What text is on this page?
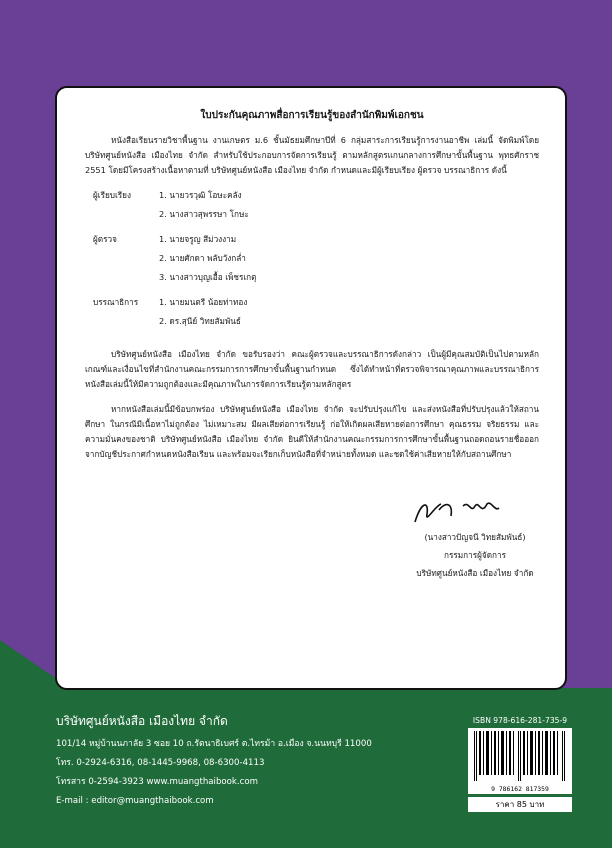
ใบประกันคุณภาพสื่อการเรียนรู้ของสำนักพิมพ์เอกชน

หนังสือเรียนรายวิชาพื้นฐาน งานเกษตร ม.6 ชั้นมัธยมศึกษาปีที่ 6 กลุ่มสาระการเรียนรู้การงานอาชีพ เล่มนี้ จัดพิมพ์โดย บริษัทศูนย์หนังสือ เมืองไทย จำกัด สำหรับใช้ประกอบการจัดการเรียนรู้ ตามหลักสูตรแกนกลางการศึกษาขั้นพื้นฐาน พุทธศักราช 2551 โดยมีโครงสร้างเนื้อหาตามที่ บริษัทศูนย์หนังสือ เมืองไทย จำกัด กำหนดและมีผู้เรียบเรียง ผู้ตรวจ บรรณาธิการ ดังนี้

ผู้เรียบเรียง	1. นายวรวุฒิ โอษะคลัง
2. นางสาวสุพรรษา โกษะ
ผู้ตรวจ	1. นายจรูญ สีม่วงงาม
2. นายศักดา พลับวังกล่ำ
3. นางสาวบุญเอื้อ เพ็ชรเกตุ
บรรณาธิการ	1. นายมนตรี น้อยท่าทอง
2. ดร.สุนีย์ วิทยสัมพันธ์

บริษัทศูนย์หนังสือ เมืองไทย จำกัด ขอรับรองว่า คณะผู้ตรวจและบรรณาธิการดังกล่าว เป็นผู้มีคุณสมบัติเป็นไปตามหลักเกณฑ์และเงื่อนไขที่สำนักงานคณะกรรมการการศึกษาขั้นพื้นฐานกำหนด ซึ่งได้ทำหน้าที่ตรวจพิจารณาคุณภาพและบรรณาธิการหนังสือเล่มนี้ให้มีความถูกต้องและมีคุณภาพในการจัดการเรียนรู้ตามหลักสูตร

หากหนังสือเล่มนี้มีข้อบกพร่อง บริษัทศูนย์หนังสือ เมืองไทย จำกัด จะปรับปรุงแก้ไข และส่งหนังสือที่ปรับปรุงแล้วให้สถานศึกษา ในกรณีมีเนื้อหาไม่ถูกต้อง ไม่เหมาะสม มีผลเสียต่อการเรียนรู้ ก่อให้เกิดผลเสียหายต่อการศึกษา คุณธรรม จริยธรรม และความมั่นคงของชาติ บริษัทศูนย์หนังสือ เมืองไทย จำกัด ยินดีให้สำนักงานคณะกรรมการการศึกษาขั้นพื้นฐานถอดถอนรายชื่อออกจากบัญชีประกาศกำหนดหนังสือเรียน และพร้อมจะเรียกเก็บหนังสือที่จำหน่ายทั้งหมด และชดใช้ค่าเสียหายให้กับสถานศึกษา

(นางสาวปัญจนี วิทยสัมพันธ์)
กรรมการผู้จัดการ
บริษัทศูนย์หนังสือ เมืองไทย จำกัด
บริษัทศูนย์หนังสือ เมืองไทย จำกัด
101/14 หมู่บ้านนภาลัย 3 ซอย 10 ถ.รัตนาธิเบศร์ ต.ไทรม้า อ.เมือง จ.นนทบุรี 11000
โทร. 0-2924-6316, 08-1445-9968, 08-6300-4113
โทรสาร 0-2594-3923 www.muangthaibook.com
E-mail : editor@muangthaibook.com
ISBN 978-616-281-735-9
9 786162 817359
ราคา 85 บาท
